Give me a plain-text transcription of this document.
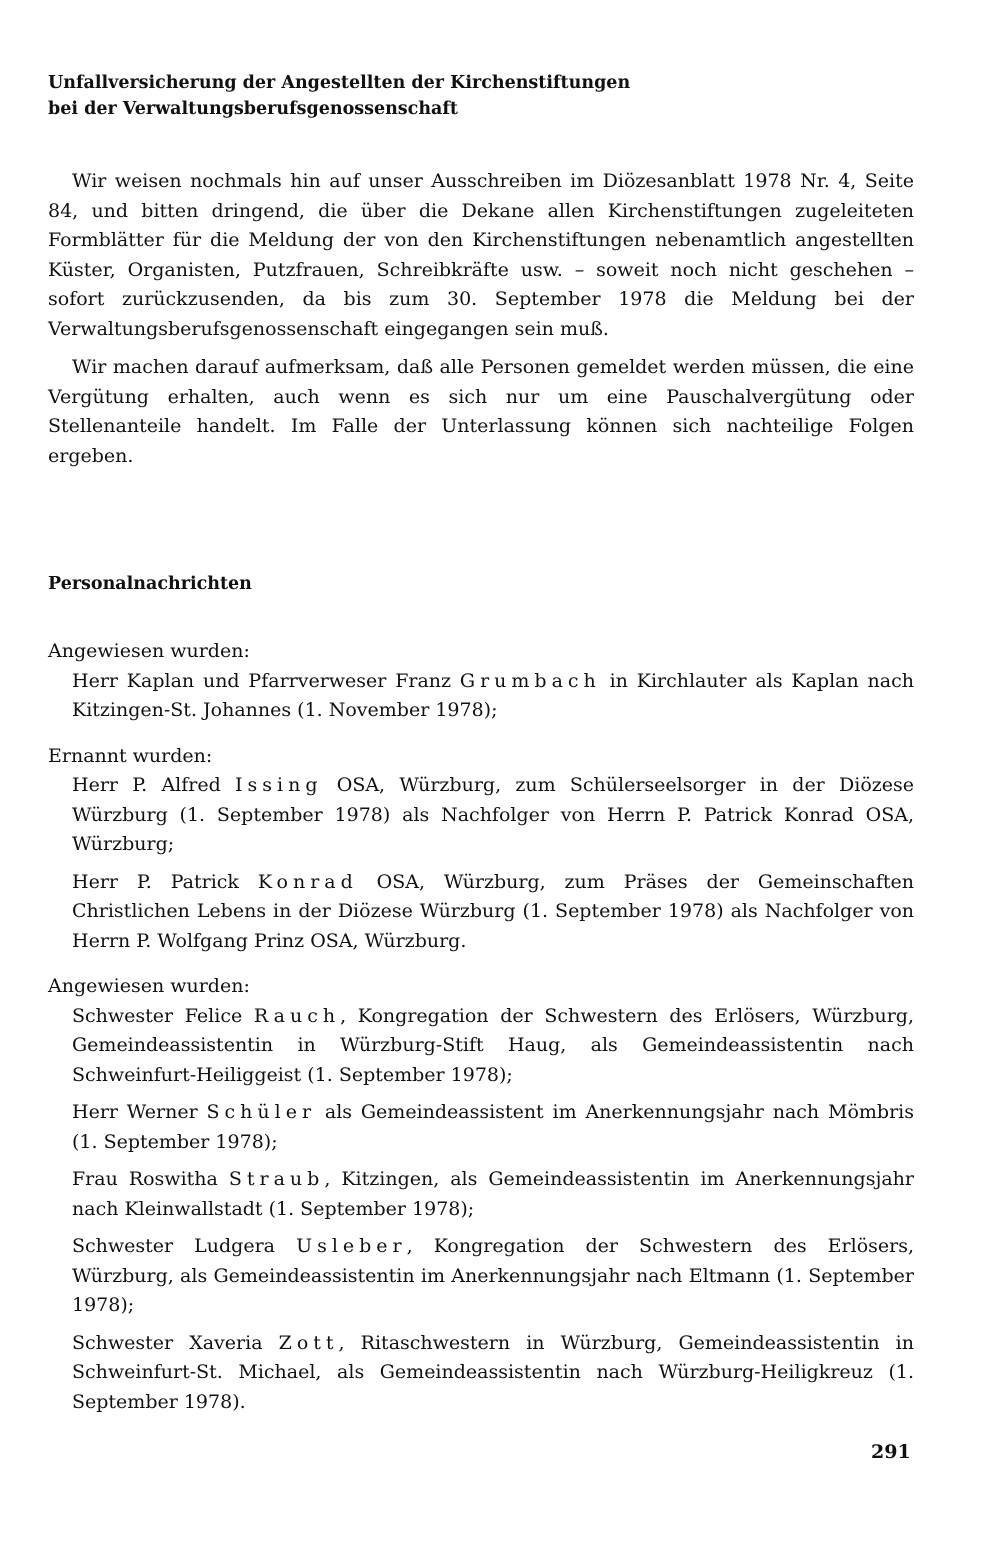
Unfallversicherung der Angestellten der Kirchenstiftungen

bei der Verwaltungsberufsgenossenschaft

Wir weisen nochmals hin auf unser Ausschreiben im Diözesanblatt 1978 Nr. 4, Seite 84, und bitten dringend, die über die Dekane allen Kirchenstiftungen zugeleiteten Formblätter für die Meldung der von den Kirchenstiftungen nebenamtlich angestellten Küster, Organisten, Putzfrauen, Schreibkräfte usw. – soweit noch nicht geschehen – sofort zurückzusenden, da bis zum 30. September 1978 die Meldung bei der Verwaltungsberufsgenossenschaft eingegangen sein muß.

Wir machen darauf aufmerksam, daß alle Personen gemeldet werden müssen, die eine Vergütung erhalten, auch wenn es sich nur um eine Pauschalvergütung oder Stellenanteile handelt. Im Falle der Unterlassung können sich nachteilige Folgen ergeben.

Personalnachrichten

Angewiesen wurden:

Herr Kaplan und Pfarrverweser Franz Grumbach in Kirchlauter als Kaplan nach Kitzingen-St. Johannes (1. November 1978);

Ernannt wurden:

Herr P. Alfred Issing OSA, Würzburg, zum Schülerseelsorger in der Diözese Würzburg (1. September 1978) als Nachfolger von Herrn P. Patrick Konrad OSA, Würzburg;

Herr P. Patrick Konrad OSA, Würzburg, zum Präses der Gemeinschaften Christlichen Lebens in der Diözese Würzburg (1. September 1978) als Nachfolger von Herrn P. Wolfgang Prinz OSA, Würzburg.

Angewiesen wurden:

Schwester Felice Rauch, Kongregation der Schwestern des Erlösers, Würzburg, Gemeindeassistentin in Würzburg-Stift Haug, als Gemeindeassistentin nach Schweinfurt-Heiliggeist (1. September 1978);

Herr Werner Schüler als Gemeindeassistent im Anerkennungsjahr nach Mömbris (1. September 1978);

Frau Roswitha Straub, Kitzingen, als Gemeindeassistentin im Anerkennungsjahr nach Kleinwallstadt (1. September 1978);

Schwester Ludgera Usleber, Kongregation der Schwestern des Erlösers, Würzburg, als Gemeindeassistentin im Anerkennungsjahr nach Eltmann (1. September 1978);

Schwester Xaveria Zott, Ritaschwestern in Würzburg, Gemeindeassistentin in Schweinfurt-St. Michael, als Gemeindeassistentin nach Würzburg-Heiligkreuz (1. September 1978).

291
